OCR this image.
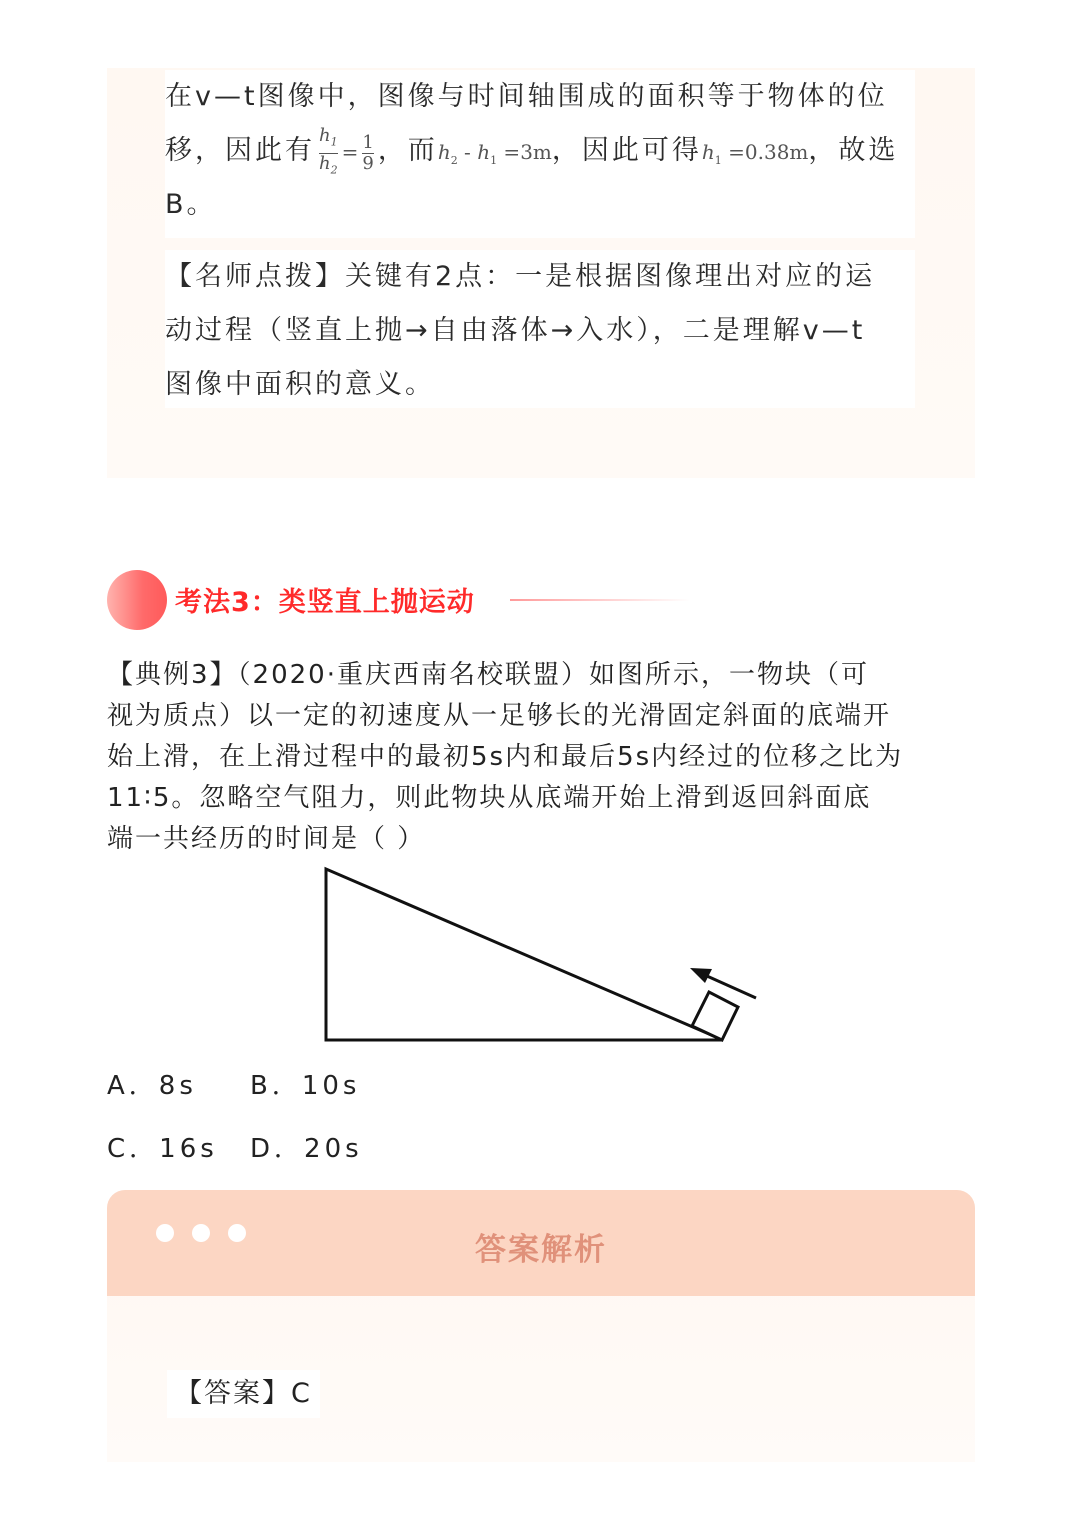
在v—t图像中，图像与时间轴围成的面积等于物体的位
移，因此有 $\frac{h_1}{h_2} = \frac{1}{9}$ ，而$h_2 - h_1 =3m$，因此可得$h_1 =0.38m$，故选
B。
【名师点拨】关键有2点：一是根据图像理出对应的运
动过程（竖直上抛→自由落体→入水），二是理解v—t
图像中面积的意义。
考法3：类竖直上抛运动
【典例3】（2020·重庆西南名校联盟）如图所示，一物块（可
视为质点）以一定的初速度从一足够长的光滑固定斜面的底端开
始上滑，在上滑过程中的最初5s内和最后5s内经过的位移之比为
11∶5。忽略空气阻力，则此物块从底端开始上滑到返回斜面底
端一共经历的时间是（ ）
A．8s B．10s
C．16s D．20s
答案解析
【答案】C
